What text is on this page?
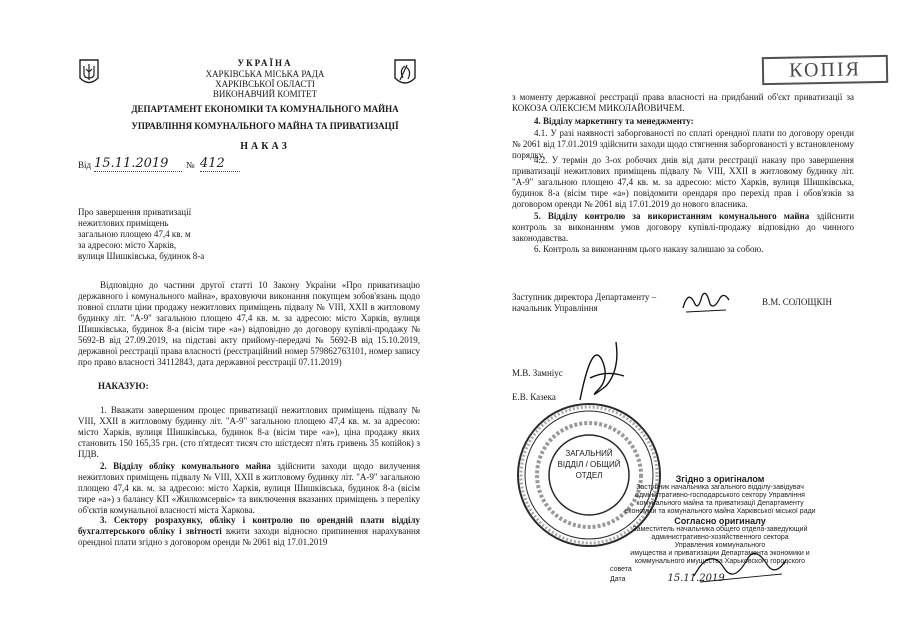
УКРАЇНА
ХАРКІВСЬКА МІСЬКА РАДА
ХАРКІВСЬКОЇ ОБЛАСТІ
ВИКОНАВЧИЙ КОМІТЕТ
ДЕПАРТАМЕНТ ЕКОНОМІКИ ТА КОМУНАЛЬНОГО МАЙНА
УПРАВЛІННЯ КОМУНАЛЬНОГО МАЙНА ТА ПРИВАТИЗАЦІЇ
НАКАЗ
Від 15.11.2019	№ 412
Про завершення приватизації
нежитлових приміщень
загальною площею 47,4 кв. м
за адресою: місто Харків,
вулиця Шишківська, будинок 8-а
Відповідно до частини другої статті 10 Закону України «Про приватизацію державного і комунального майна», враховуючи виконання покупцем зобов'язань щодо повної сплати ціни продажу нежитлових приміщень підвалу № VIII, XXII в житловому будинку літ. "А-9" загальною площею 47,4 кв. м. за адресою: місто Харків, вулиця Шишківська, будинок 8-а (вісім тире «а») відповідно до договору купівлі-продажу № 5692-В від 27.09.2019, на підставі акту прийому-передачі № 5692-В від 15.10.2019, державної реєстрації права власності (реєстраційний номер 579862763101, номер запису про право власності 34112843, дата державної реєстрації 07.11.2019)
НАКАЗУЮ:
1. Вважати завершеним процес приватизації нежитлових приміщень підвалу № VIII, XXII в житловому будинку літ. "А-9" загальною площею 47,4 кв. м. за адресою: місто Харків, вулиця Шишківська, будинок 8-а (вісім тире «а»), ціна продажу яких становить 150 165,35 грн. (сто п'ятдесят тисяч сто шістдесят п'ять гривень 35 копійок) з ПДВ.
2. Відділу обліку комунального майна здійснити заходи щодо вилучення нежитлових приміщень підвалу № VIII, XXII в житловому будинку літ. "А-9" загальною площею 47,4 кв. м. за адресою: місто Харків, вулиця Шишківська, будинок 8-а (вісім тире «а») з балансу КП «Жилкомсервіс» та виключення вказаних приміщень з переліку об'єктів комунальної власності міста Харкова.
3. Сектору розрахунку, обліку і контролю по орендній плати відділу бухгалтерського обліку і звітності вжити заходи відносно припинення нарахування орендної плати згідно з договором оренди № 2061 від 17.01.2019
КОПІЯ
з моменту державної реєстрації права власності на придбаний об'єкт приватизації за КОКОЗА ОЛЕКСІЄМ МИКОЛАЙОВИЧЕМ.
4. Відділу маркетингу та менеджменту:
4.1. У разі наявності заборгованості по сплаті орендної плати по договору оренди № 2061 від 17.01.2019 здійснити заходи щодо стягнення заборгованості у встановленому порядку.
4.2. У термін до 3-ох робочих днів від дати реєстрації наказу про завершення приватизації нежитлових приміщень підвалу № VIII, XXII в житловому будинку літ. "А-9" загальною площею 47,4 кв. м. за адресою: місто Харків, вулиця Шишківська, будинок 8-а (вісім тире «а») повідомити орендаря про перехід прав і обов'язків за договором оренди № 2061 від 17.01.2019 до нового власника.
5. Відділу контролю за використанням комунального майна здійснити контроль за виконанням умов договору купівлі-продажу відповідно до чинного законодавства.
6. Контроль за виконанням цього наказу залишаю за собою.
Заступник директора Департаменту –
начальник Управління
В.М. СОЛОЩКІН
М.В. Замніус
Е.В. Казека
ЗАГАЛЬНИЙ ВІДДІЛ / ОБЩИЙ ОТДЕЛ	Згідно з оригіналом
Заступник начальника загального відділу-завідувач
адміністративно-господарського сектору Управління
комунального майна та приватизації Департаменту
економіки та комунального майна Харківської міської ради
Согласно оригиналу
Заместитель начальника общего отдела-заведующий
административно-хозяйственного сектора
Управления коммунального
имущества и приватизации Департамента экономики и
коммунального имущества Харьковского городского
совета
Дата	15.11.2019
